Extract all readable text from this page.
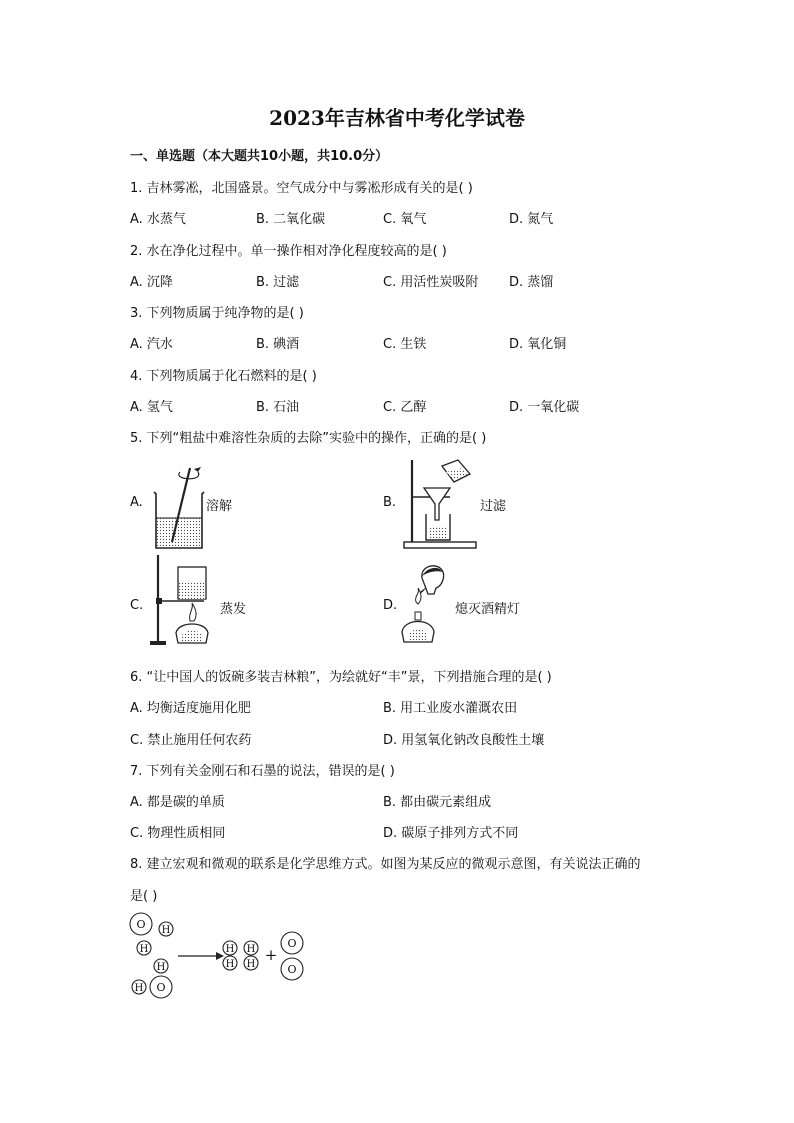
2023年吉林省中考化学试卷
一、单选题（本大题共10小题，共10.0分）
1. 吉林雾凇，北国盛景。空气成分中与雾凇形成有关的是( )
A. 水蒸气	B. 二氧化碳	C. 氧气	D. 氮气
2. 水在净化过程中。单一操作相对净化程度较高的是( )
A. 沉降	B. 过滤	C. 用活性炭吸附 D. 蒸馏
3. 下列物质属于纯净物的是( )
A. 汽水	B. 碘酒	C. 生铁	D. 氧化铜
4. 下列物质属于化石燃料的是( )
A. 氢气	B. 石油	C. 乙醇	D. 一氧化碳
5. 下列“粗盐中难溶性杂质的去除”实验中的操作，正确的是( )
A.	溶解	B.	过滤
C.	蒸发	D.	熄灭酒精灯
6. “让中国人的饭碗多装吉林粮”，为绘就好“丰”景，下列措施合理的是( )
A. 均衡适度施用化肥	B. 用工业废水灌溉农田
C. 禁止施用任何农药	D. 用氢氧化钠改良酸性土壤
7. 下列有关金刚石和石墨的说法，错误的是( )
A. 都是碳的单质	B. 都由碳元素组成
C. 物理性质相同	D. 碳原子排列方式不同
8. 建立宏观和微观的联系是化学思维方式。如图为某反应的微观示意图，有关说法正确的
是( )
O H
H
H
O
H
H
H
H
H
+
O
O
